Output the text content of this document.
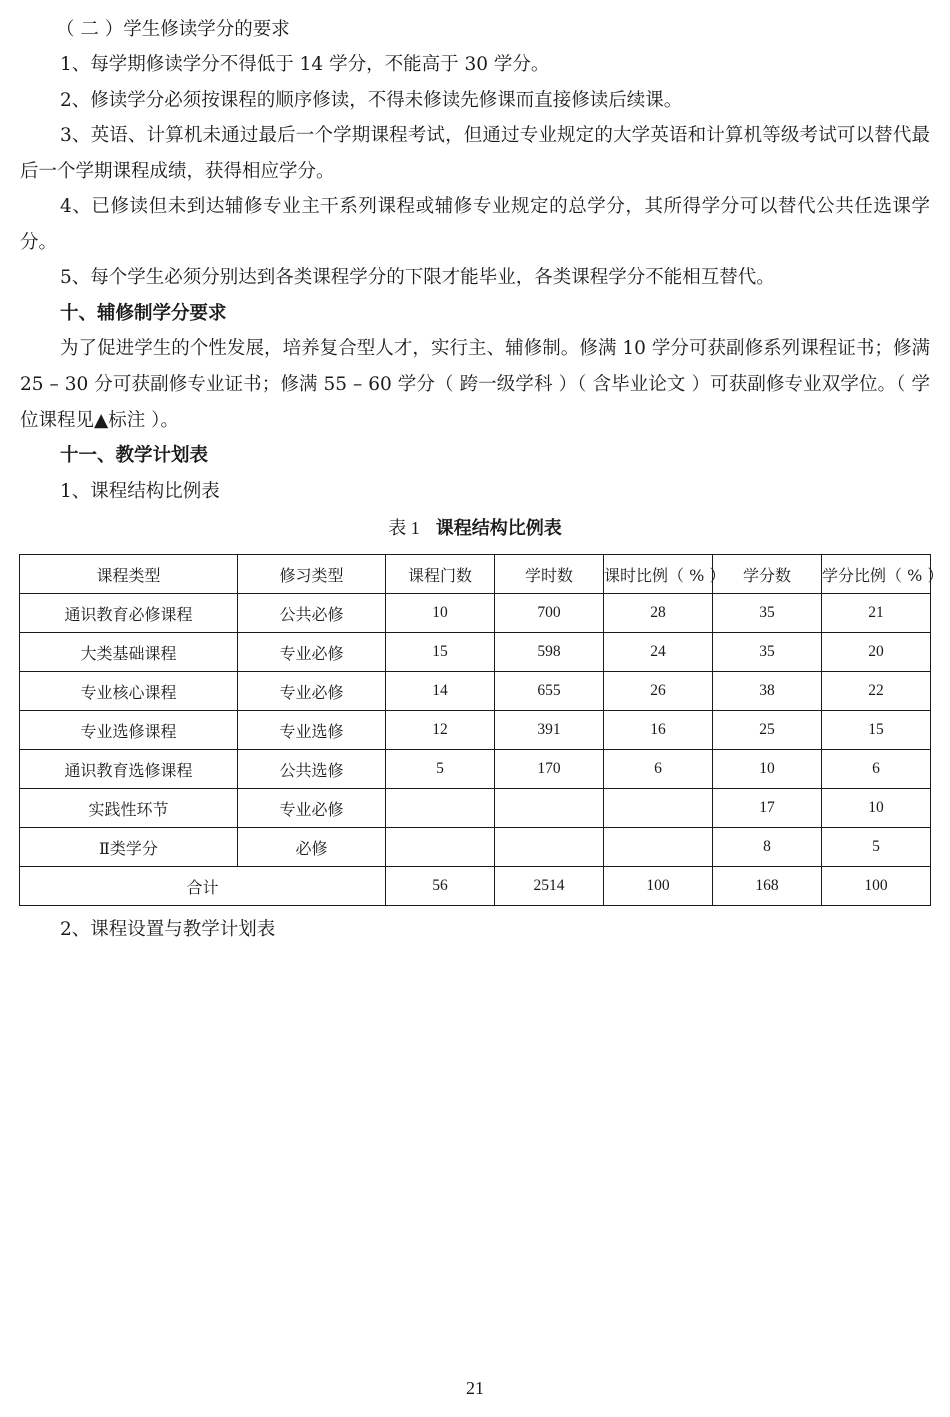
（ 二 ）学生修读学分的要求

1、每学期修读学分不得低于 14 学分，不能高于 30 学分。

2、修读学分必须按课程的顺序修读，不得未修读先修课而直接修读后续课。

3、英语、计算机未通过最后一个学期课程考试，但通过专业规定的大学英语和计算机等级考试可以替代最后一个学期课程成绩，获得相应学分。

4、已修读但未到达辅修专业主干系列课程或辅修专业规定的总学分，其所得学分可以替代公共任选课学分。

5、每个学生必须分别达到各类课程学分的下限才能毕业，各类课程学分不能相互替代。

十、辅修制学分要求

为了促进学生的个性发展，培养复合型人才，实行主、辅修制。修满 10 学分可获副修系列课程证书；修满 25 – 30 分可获副修专业证书；修满 55 – 60 学分（ 跨一级学科 ）（ 含毕业论文 ）可获副修专业双学位。（ 学位课程见▲标注 ）。

十一、教学计划表

1、课程结构比例表

表 1 课程结构比例表
课程类型	修习类型	课程门数	学时数	课时比例（ % ）	学分数	学分比例（ % ）
通识教育必修课程	公共必修	10	700	28	35	21
大类基础课程	专业必修	15	598	24	35	20
专业核心课程	专业必修	14	655	26	38	22
专业选修课程	专业选修	12	391	16	25	15
通识教育选修课程	公共选修	5	170	6	10	6
实践性环节	专业必修				17	10
Ⅱ类学分	必修				8	5
合计		56	2514	100	168	100

2、课程设置与教学计划表

21
